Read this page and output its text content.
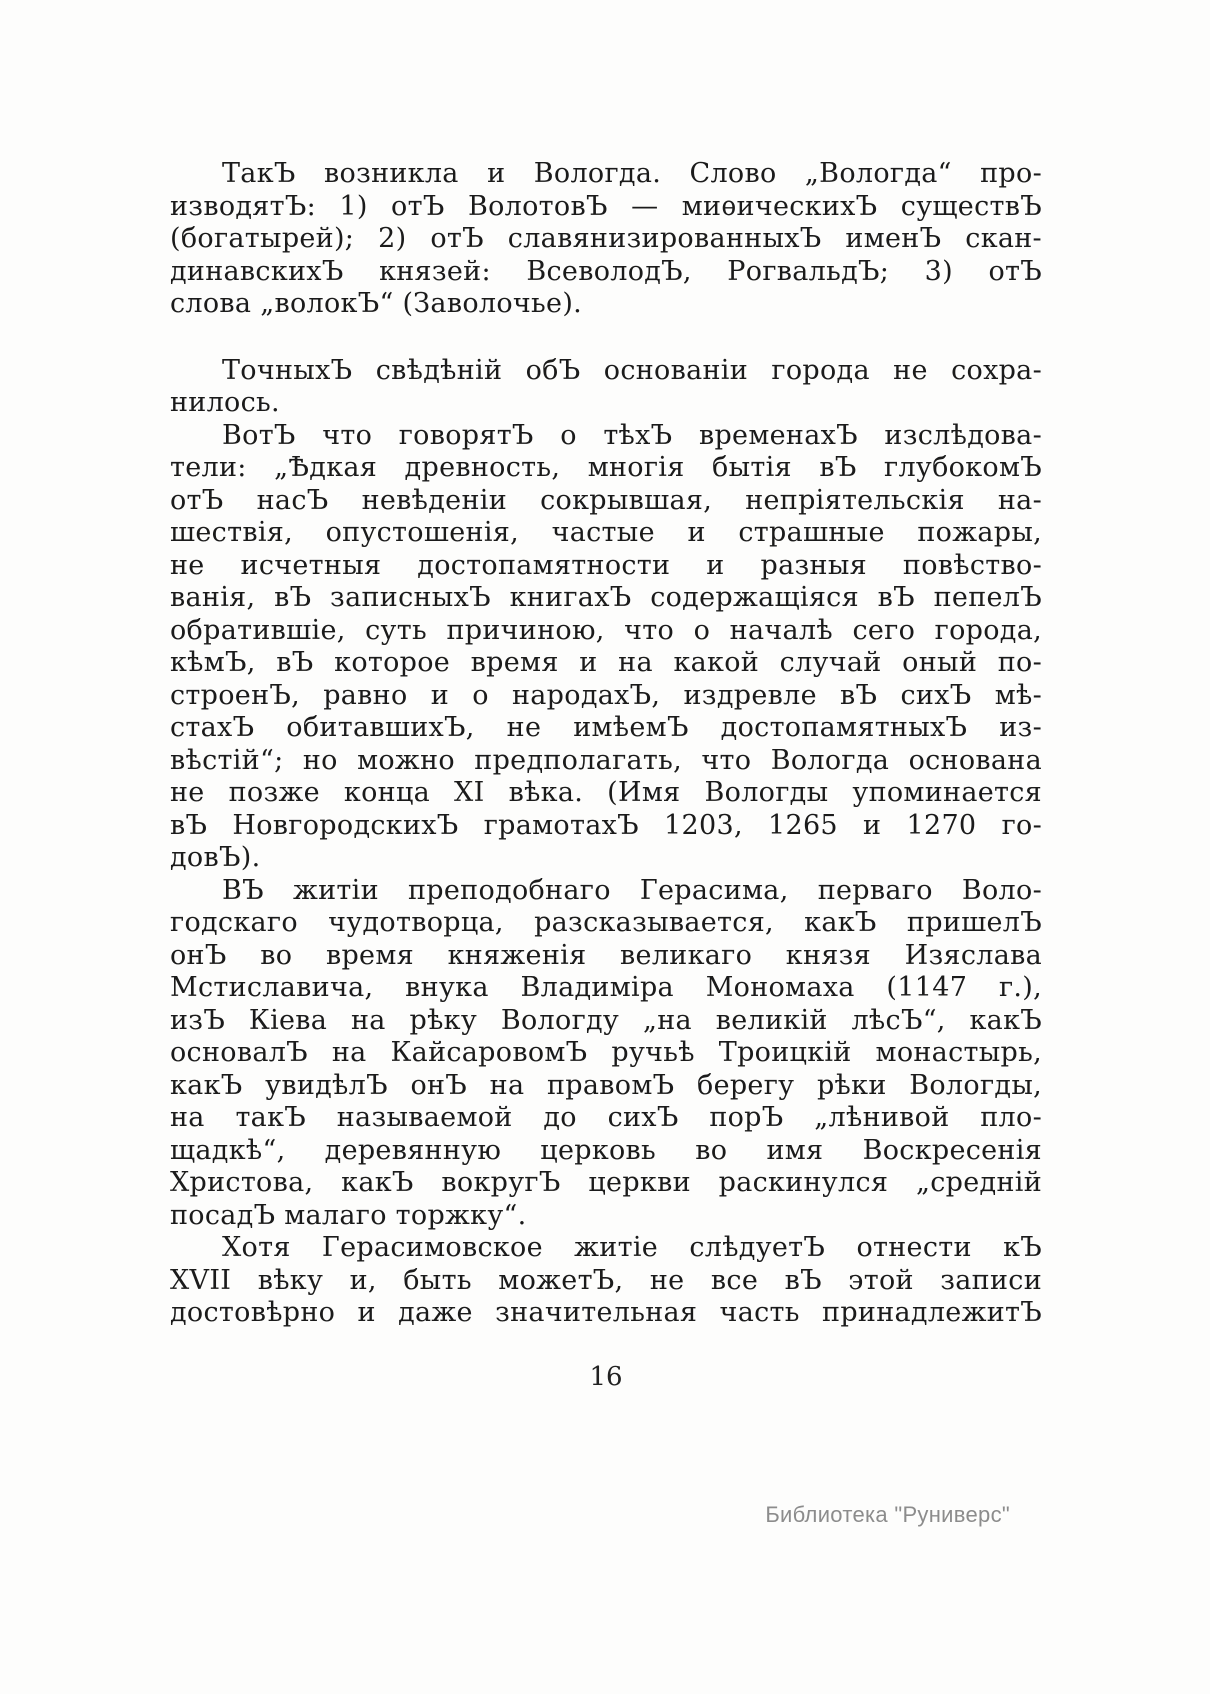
ТакЪ возникла и Вологда. Слово „Вологда“ про-
изводятЪ: 1) отЪ ВолотовЪ — миѳическихЪ существЪ
(богатырей); 2) отЪ славянизированныхЪ именЪ скан-
динавскихЪ князей: ВсеволодЪ, РогвальдЪ; 3) отЪ
слова „волокЪ“ (Заволочье).
ТочныхЪ свѣдѣній обЪ основаніи города не сохра-
нилось.
ВотЪ что говорятЪ о тѣхЪ временахЪ изслѣдова-
тели: „Ѣдкая древность, многія бытія вЪ глубокомЪ
отЪ насЪ невѣденіи сокрывшая, непріятельскія на-
шествія, опустошенія, частые и страшные пожары,
не исчетныя достопамятности и разныя повѣство-
ванія, вЪ записныхЪ книгахЪ содержащіяся вЪ пепелЪ
обратившіе, суть причиною, что о началѣ сего города,
кѣмЪ, вЪ которое время и на какой случай оный по-
строенЪ, равно и о народахЪ, издревле вЪ сихЪ мѣ-
стахЪ обитавшихЪ, не имѣемЪ достопамятныхЪ из-
вѣстій“; но можно предполагать, что Вологда основана
не позже конца XI вѣка. (Имя Вологды упоминается
вЪ НовгородскихЪ грамотахЪ 1203, 1265 и 1270 го-
довЪ).
ВЪ житіи преподобнаго Герасима, перваго Воло-
годскаго чудотворца, разсказывается, какЪ пришелЪ
онЪ во время княженія великаго князя Изяслава
Мстиславича, внука Владиміра Мономаха (1147 г.),
изЪ Кіева на рѣку Вологду „на великій лѣсЪ“, какЪ
основалЪ на КайсаровомЪ ручьѣ Троицкій монастырь,
какЪ увидѣлЪ онЪ на правомЪ берегу рѣки Вологды,
на такЪ называемой до сихЪ порЪ „лѣнивой пло-
щадкѣ“, деревянную церковь во имя Воскресенія
Христова, какЪ вокругЪ церкви раскинулся „средній
посадЪ малаго торжку“.
Хотя Герасимовское житіе слѣдуетЪ отнести кЪ
XVII вѣку и, быть можетЪ, не все вЪ этой записи
достовѣрно и даже значительная часть принадлежитЪ
16
Библиотека "Руниверс"
